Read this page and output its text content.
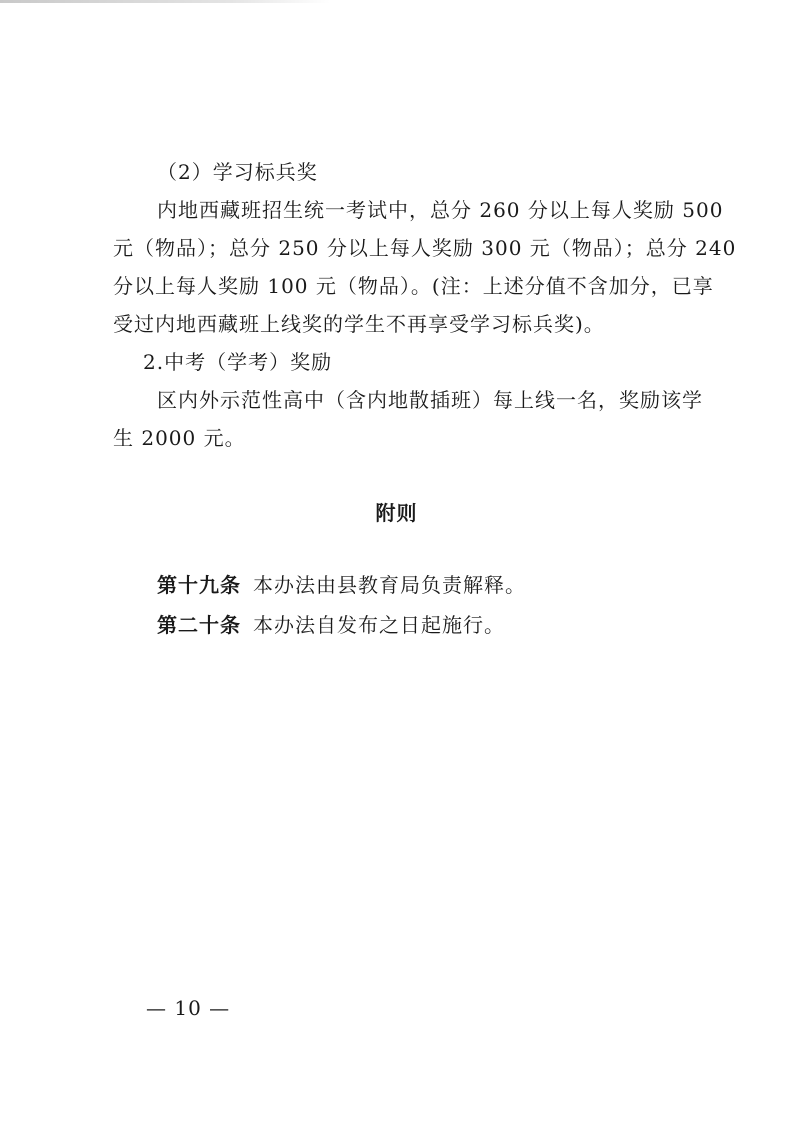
（2）学习标兵奖

内地西藏班招生统一考试中，总分 260 分以上每人奖励 500
元（物品）；总分 250 分以上每人奖励 300 元（物品）；总分 240
分以上每人奖励 100 元（物品）。(注：上述分值不含加分，已享
受过内地西藏班上线奖的学生不再享受学习标兵奖)。

2.中考（学考）奖励

区内外示范性高中（含内地散插班）每上线一名，奖励该学
生 2000 元。

附则
第十九条 本办法由县教育局负责解释。
第二十条 本办法自发布之日起施行。
— 10 —
